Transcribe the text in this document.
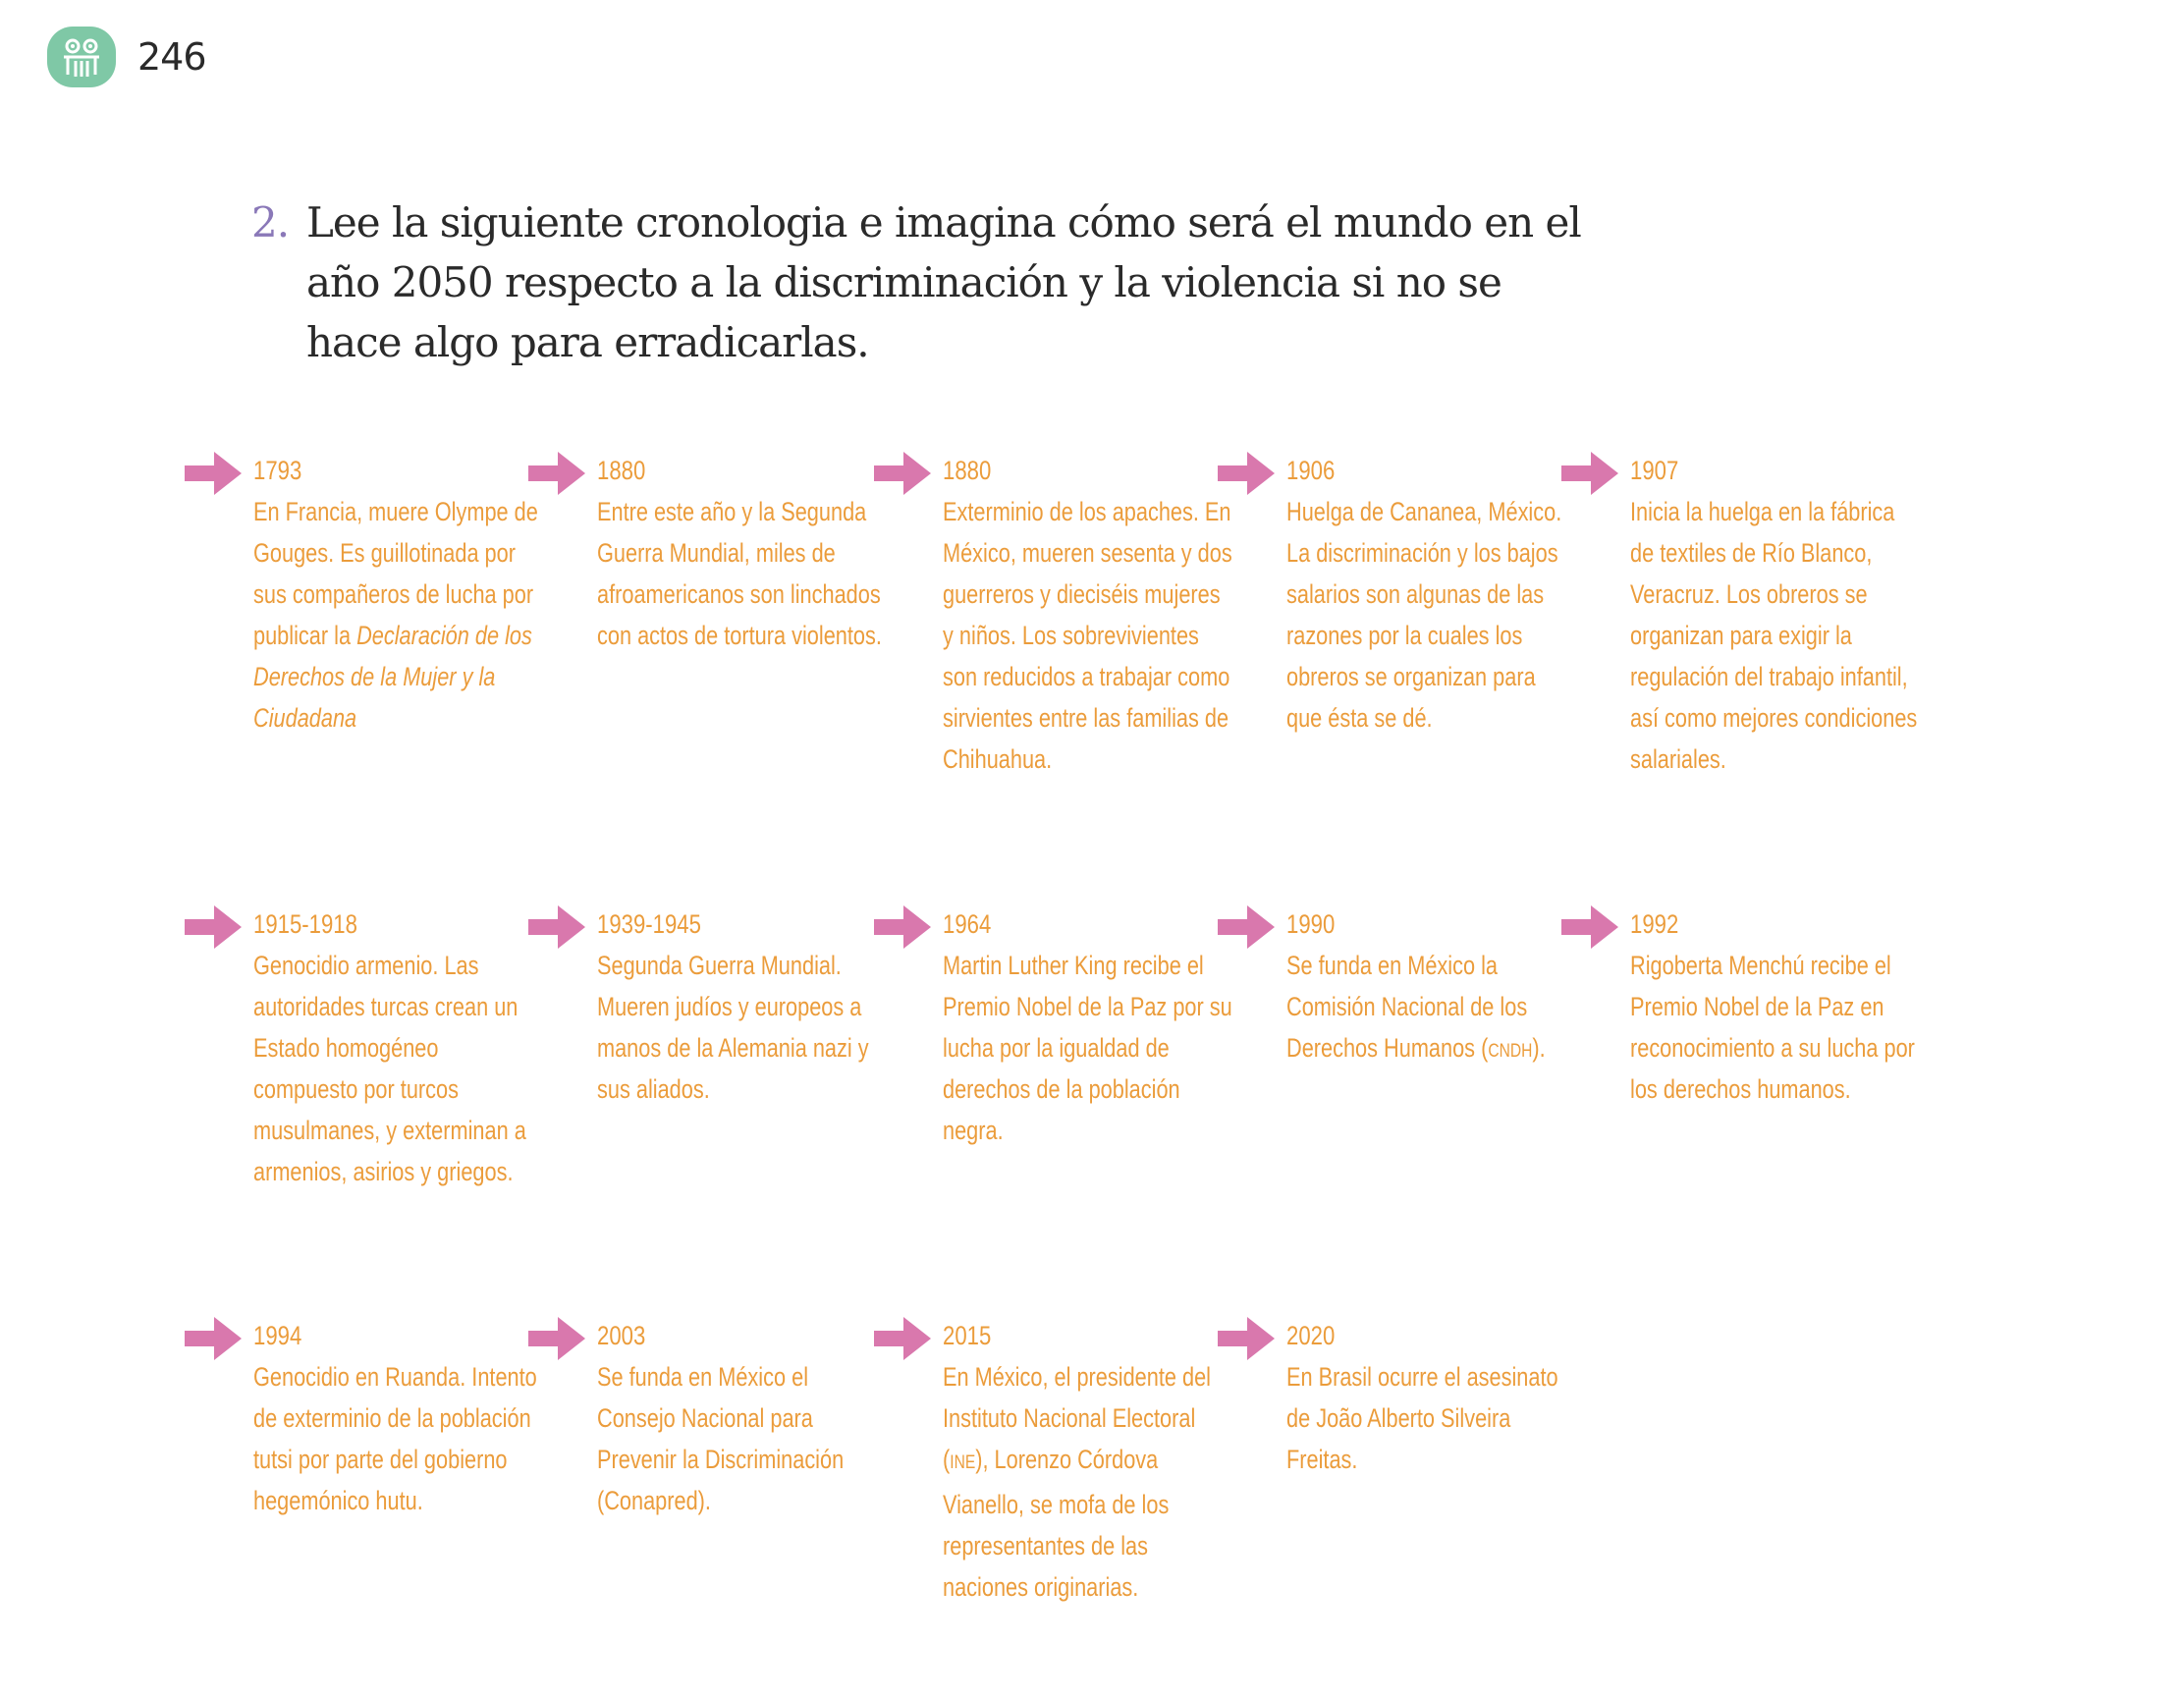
246
2. Lee la siguiente cronologia e imagina cómo será el mundo en el año 2050 respecto a la discriminación y la violencia si no se hace algo para erradicarlas.
1793
En Francia, muere Olympe de Gouges. Es guillotinada por sus compañeros de lucha por publicar la Declaración de los Derechos de la Mujer y la Ciudadana
1880
Entre este año y la Segunda Guerra Mundial, miles de afroamericanos son linchados con actos de tortura violentos.
1880
Exterminio de los apaches. En México, mueren sesenta y dos guerreros y dieciséis mujeres y niños. Los sobrevivientes son reducidos a trabajar como sirvientes entre las familias de Chihuahua.
1906
Huelga de Cananea, México. La discriminación y los bajos salarios son algunas de las razones por la cuales los obreros se organizan para que ésta se dé.
1907
Inicia la huelga en la fábrica de textiles de Río Blanco, Veracruz. Los obreros se organizan para exigir la regulación del trabajo infantil, así como mejores condiciones salariales.
1915-1918
Genocidio armenio. Las autoridades turcas crean un Estado homogéneo compuesto por turcos musulmanes, y exterminan a armenios, asirios y griegos.
1939-1945
Segunda Guerra Mundial. Mueren judíos y europeos a manos de la Alemania nazi y sus aliados.
1964
Martin Luther King recibe el Premio Nobel de la Paz por su lucha por la igualdad de derechos de la población negra.
1990
Se funda en México la Comisión Nacional de los Derechos Humanos (CNDH).
1992
Rigoberta Menchú recibe el Premio Nobel de la Paz en reconocimiento a su lucha por los derechos humanos.
1994
Genocidio en Ruanda. Intento de exterminio de la población tutsi por parte del gobierno hegemónico hutu.
2003
Se funda en México el Consejo Nacional para Prevenir la Discriminación (Conapred).
2015
En México, el presidente del Instituto Nacional Electoral (INE), Lorenzo Córdova Vianello, se mofa de los representantes de las naciones originarias.
2020
En Brasil ocurre el asesinato de João Alberto Silveira Freitas.
